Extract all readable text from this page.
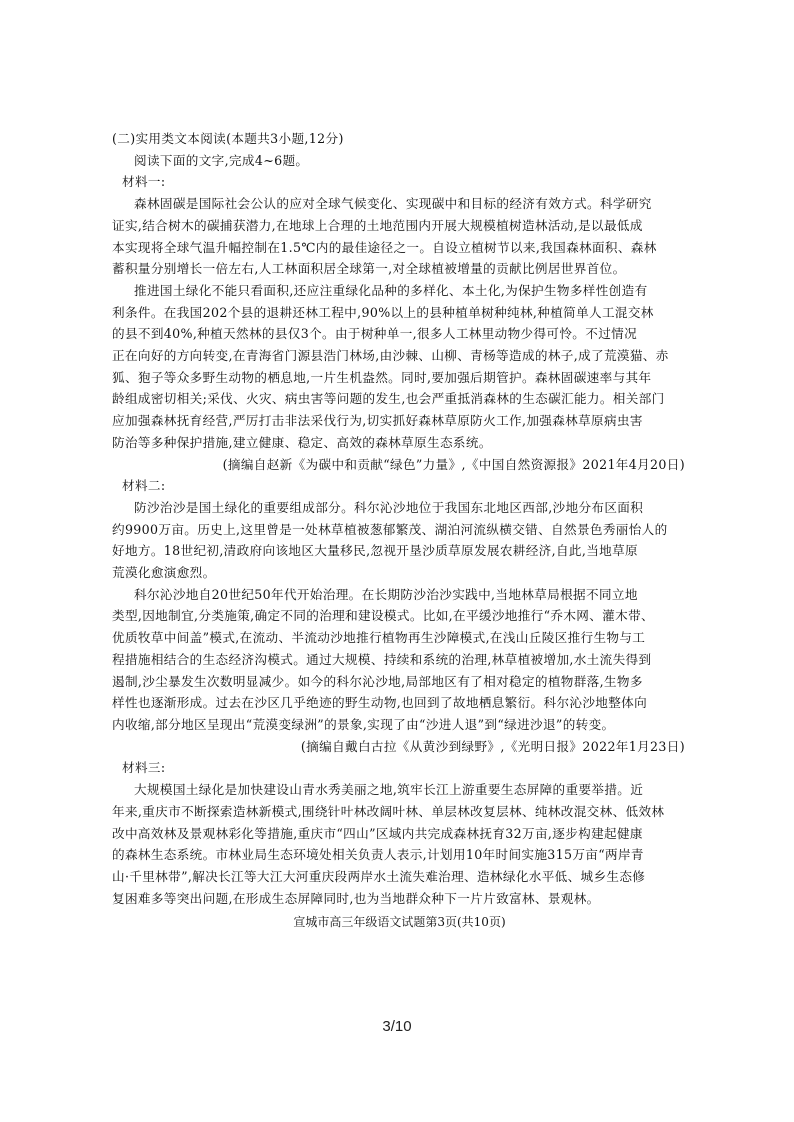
(二)实用类文本阅读(本题共3小题,12分)
阅读下面的文字,完成4~6题。
材料一:
森林固碳是国际社会公认的应对全球气候变化、实现碳中和目标的经济有效方式。科学研究
证实,结合树木的碳捕获潜力,在地球上合理的土地范围内开展大规模植树造林活动,是以最低成
本实现将全球气温升幅控制在1.5℃内的最佳途径之一。自设立植树节以来,我国森林面积、森林
蓄积量分别增长一倍左右,人工林面积居全球第一,对全球植被增量的贡献比例居世界首位。
推进国土绿化不能只看面积,还应注重绿化品种的多样化、本土化,为保护生物多样性创造有
利条件。在我国202个县的退耕还林工程中,90%以上的县种植单树种纯林,种植简单人工混交林
的县不到40%,种植天然林的县仅3个。由于树种单一,很多人工林里动物少得可怜。不过情况
正在向好的方向转变,在青海省门源县浩门林场,由沙棘、山柳、青杨等造成的林子,成了荒漠猫、赤
狐、狍子等众多野生动物的栖息地,一片生机盎然。同时,要加强后期管护。森林固碳速率与其年
龄组成密切相关;采伐、火灾、病虫害等问题的发生,也会严重抵消森林的生态碳汇能力。相关部门
应加强森林抚育经营,严厉打击非法采伐行为,切实抓好森林草原防火工作,加强森林草原病虫害
防治等多种保护措施,建立健康、稳定、高效的森林草原生态系统。
(摘编自赵新《为碳中和贡献“绿色”力量》,《中国自然资源报》2021年4月20日)
材料二:
防沙治沙是国土绿化的重要组成部分。科尔沁沙地位于我国东北地区西部,沙地分布区面积
约9900万亩。历史上,这里曾是一处林草植被葱郁繁茂、湖泊河流纵横交错、自然景色秀丽怡人的
好地方。18世纪初,清政府向该地区大量移民,忽视开垦沙质草原发展农耕经济,自此,当地草原
荒漠化愈演愈烈。
科尔沁沙地自20世纪50年代开始治理。在长期防沙治沙实践中,当地林草局根据不同立地
类型,因地制宜,分类施策,确定不同的治理和建设模式。比如,在平缓沙地推行“乔木网、灌木带、
优质牧草中间盖”模式,在流动、半流动沙地推行植物再生沙障模式,在浅山丘陵区推行生物与工
程措施相结合的生态经济沟模式。通过大规模、持续和系统的治理,林草植被增加,水土流失得到
遏制,沙尘暴发生次数明显减少。如今的科尔沁沙地,局部地区有了相对稳定的植物群落,生物多
样性也逐渐形成。过去在沙区几乎绝迹的野生动物,也回到了故地栖息繁衍。科尔沁沙地整体向
内收缩,部分地区呈现出“荒漠变绿洲”的景象,实现了由“沙进人退”到“绿进沙退”的转变。
(摘编自戴白古拉《从黄沙到绿野》,《光明日报》2022年1月23日)
材料三:
大规模国土绿化是加快建设山青水秀美丽之地,筑牢长江上游重要生态屏障的重要举措。近
年来,重庆市不断探索造林新模式,围绕针叶林改阔叶林、单层林改复层林、纯林改混交林、低效林
改中高效林及景观林彩化等措施,重庆市“四山”区域内共完成森林抚育32万亩,逐步构建起健康
的森林生态系统。市林业局生态环境处相关负责人表示,计划用10年时间实施315万亩“两岸青
山·千里林带”,解决长江等大江大河重庆段两岸水土流失难治理、造林绿化水平低、城乡生态修
复困难多等突出问题,在形成生态屏障同时,也为当地群众种下一片片致富林、景观林。
宣城市高三年级语文试题第3页(共10页)
3/10
